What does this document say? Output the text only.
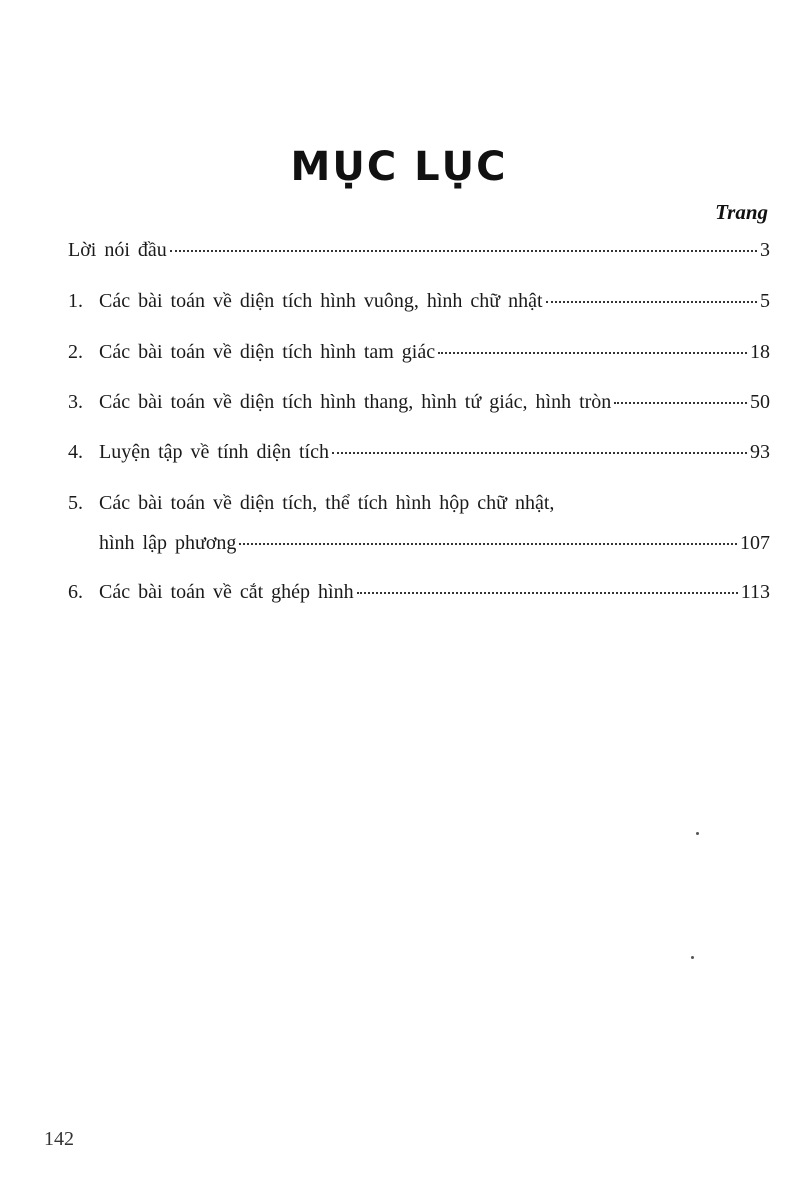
MỤC LỤC
Trang
Lời nói đầu	3
1. Các bài toán về diện tích hình vuông, hình chữ nhật	5
2. Các bài toán về diện tích hình tam giác	18
3. Các bài toán về diện tích hình thang, hình tứ giác, hình tròn	50
4. Luyện tập về tính diện tích	93
5. Các bài toán về diện tích, thể tích hình hộp chữ nhật,
hình lập phương	107
6. Các bài toán về cắt ghép hình	113
142
